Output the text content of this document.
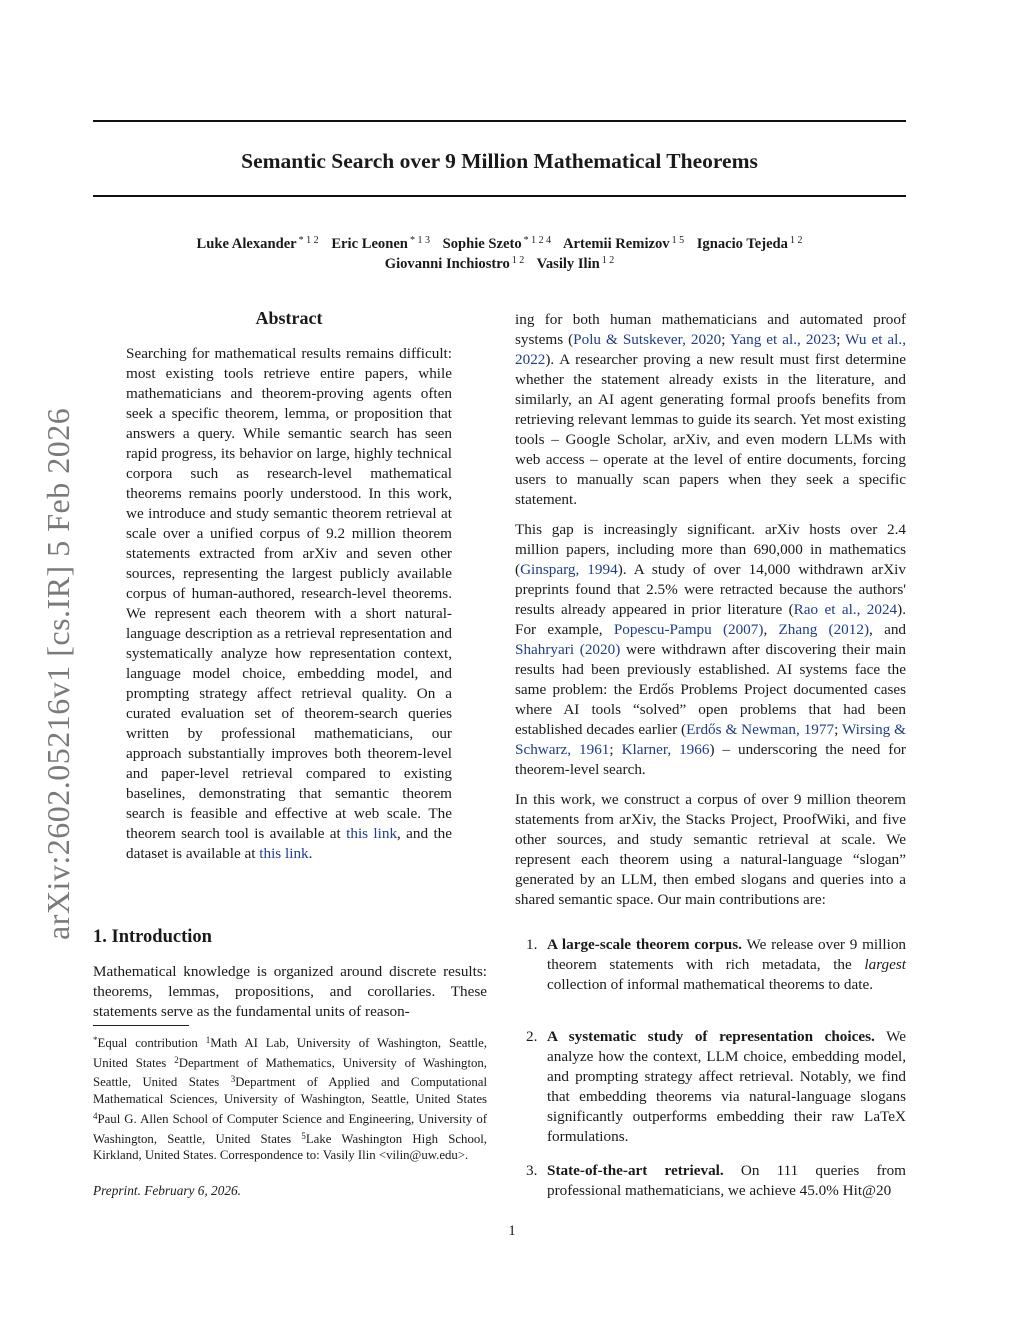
arXiv:2602.05216v1 [cs.IR] 5 Feb 2026
Semantic Search over 9 Million Mathematical Theorems
Luke Alexander $^{* 1 2}$ Eric Leonen $^{* 1 3}$ Sophie Szeto $^{* 1 2 4}$ Artemii Remizov $^{1 5}$ Ignacio Tejeda $^{1 2}$
Giovanni Inchiostro $^{1 2}$ Vasily Ilin $^{1 2}$
Abstract
Searching for mathematical results remains difficult: most existing tools retrieve entire papers, while mathematicians and theorem-proving agents often seek a specific theorem, lemma, or proposition that answers a query. While semantic search has seen rapid progress, its behavior on large, highly technical corpora such as research-level mathematical theorems remains poorly understood. In this work, we introduce and study semantic theorem retrieval at scale over a unified corpus of 9.2 million theorem statements extracted from arXiv and seven other sources, representing the largest publicly available corpus of human-authored, research-level theorems. We represent each theorem with a short natural-language description as a retrieval representation and systematically analyze how representation context, language model choice, embedding model, and prompting strategy affect retrieval quality. On a curated evaluation set of theorem-search queries written by professional mathematicians, our approach substantially improves both theorem-level and paper-level retrieval compared to existing baselines, demonstrating that semantic theorem search is feasible and effective at web scale. The theorem search tool is available at this link, and the dataset is available at this link.
1. Introduction
Mathematical knowledge is organized around discrete results: theorems, lemmas, propositions, and corollaries. These statements serve as the fundamental units of reason-
*Equal contribution $^1$Math AI Lab, University of Washington, Seattle, United States $^2$Department of Mathematics, University of Washington, Seattle, United States $^3$Department of Applied and Computational Mathematical Sciences, University of Washington, Seattle, United States $^4$Paul G. Allen School of Computer Science and Engineering, University of Washington, Seattle, United States $^5$Lake Washington High School, Kirkland, United States. Correspondence to: Vasily Ilin <vilin@uw.edu>.
Preprint. February 6, 2026.
ing for both human mathematicians and automated proof systems (Polu & Sutskever, 2020; Yang et al., 2023; Wu et al., 2022). A researcher proving a new result must first determine whether the statement already exists in the literature, and similarly, an AI agent generating formal proofs benefits from retrieving relevant lemmas to guide its search. Yet most existing tools – Google Scholar, arXiv, and even modern LLMs with web access – operate at the level of entire documents, forcing users to manually scan papers when they seek a specific statement.
This gap is increasingly significant. arXiv hosts over 2.4 million papers, including more than 690,000 in mathematics (Ginsparg, 1994). A study of over 14,000 withdrawn arXiv preprints found that 2.5% were retracted because the authors' results already appeared in prior literature (Rao et al., 2024). For example, Popescu-Pampu (2007), Zhang (2012), and Shahryari (2020) were withdrawn after discovering their main results had been previously established. AI systems face the same problem: the Erdős Problems Project documented cases where AI tools “solved” open problems that had been established decades earlier (Erdős & Newman, 1977; Wirsing & Schwarz, 1961; Klarner, 1966) – underscoring the need for theorem-level search.
In this work, we construct a corpus of over 9 million theorem statements from arXiv, the Stacks Project, ProofWiki, and five other sources, and study semantic retrieval at scale. We represent each theorem using a natural-language “slogan” generated by an LLM, then embed slogans and queries into a shared semantic space. Our main contributions are:
1. A large-scale theorem corpus. We release over 9 million theorem statements with rich metadata, the largest collection of informal mathematical theorems to date.
2. A systematic study of representation choices. We analyze how the context, LLM choice, embedding model, and prompting strategy affect retrieval. Notably, we find that embedding theorems via natural-language slogans significantly outperforms embedding their raw LaTeX formulations.
3. State-of-the-art retrieval. On 111 queries from professional mathematicians, we achieve 45.0% Hit@20
1
